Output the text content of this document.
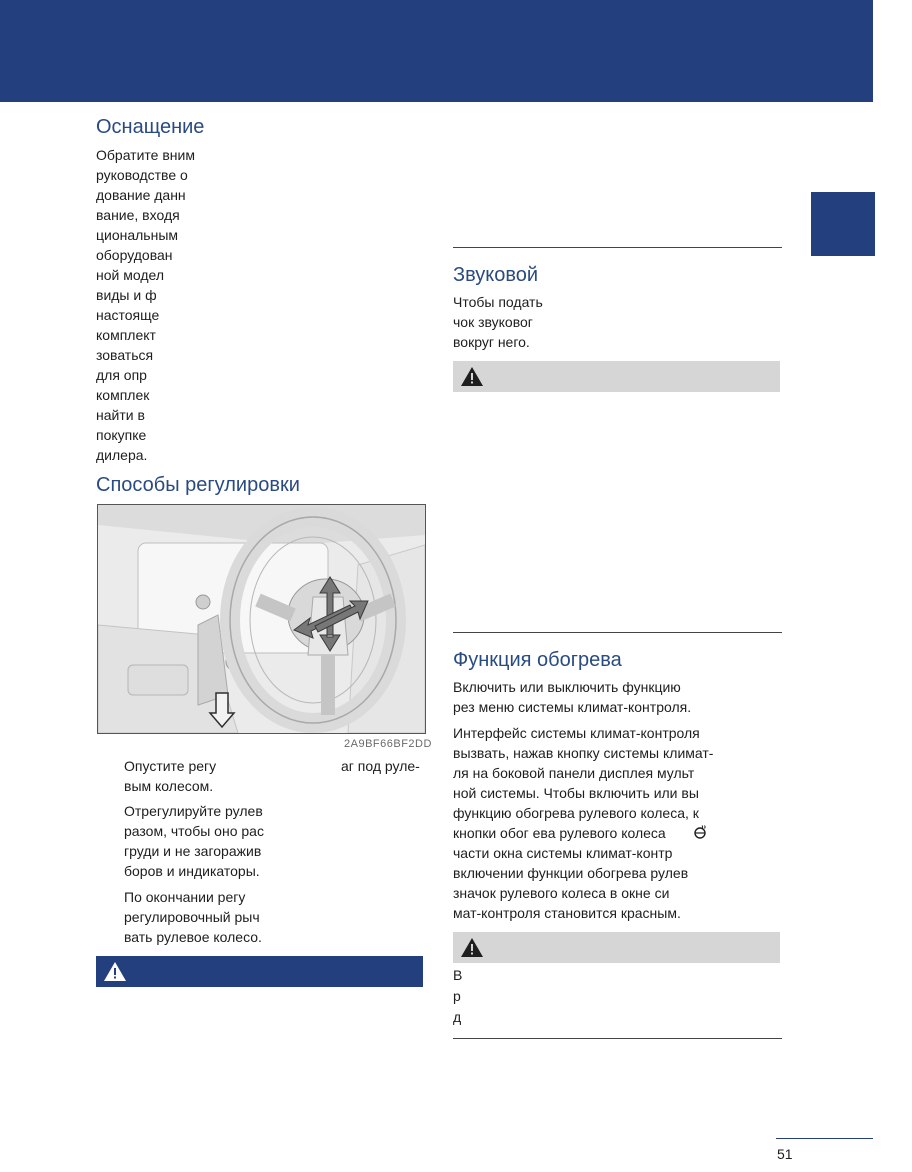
Оснащение
Обратите вним
руководстве о
дование данн
вание, входя
циональным
оборудован
ной модел
виды и ф
настояще
комплект
зоваться
для опр
комплек
найти в
покупке
дилера.
Способы регулировки
2A9BF66BF2DD
Опустите регу
вым колесом.
аг под руле-
Отрегулируйте рулев
разом, чтобы оно рас
груди и не загоражив
боров и индикаторы.
По окончании регу
регулировочный рыч
вать рулевое колесо.
Звуковой
Чтобы подать
чок звуковог
вокруг него.
Функция обогрева
Включить или выключить функцию
рез меню системы климат-контроля.
Интерфейс системы климат-контроля
вызвать, нажав кнопку системы климат-
ля на боковой панели дисплея мульт
ной системы. Чтобы включить или вы
функцию обогрева рулевого колеса, к
кнопки обог ева рулевого колеса
части окна системы климат-контр
включении функции обогрева рулев
значок рулевого колеса в окне си
мат-контроля становится красным.
В
р
д
51
